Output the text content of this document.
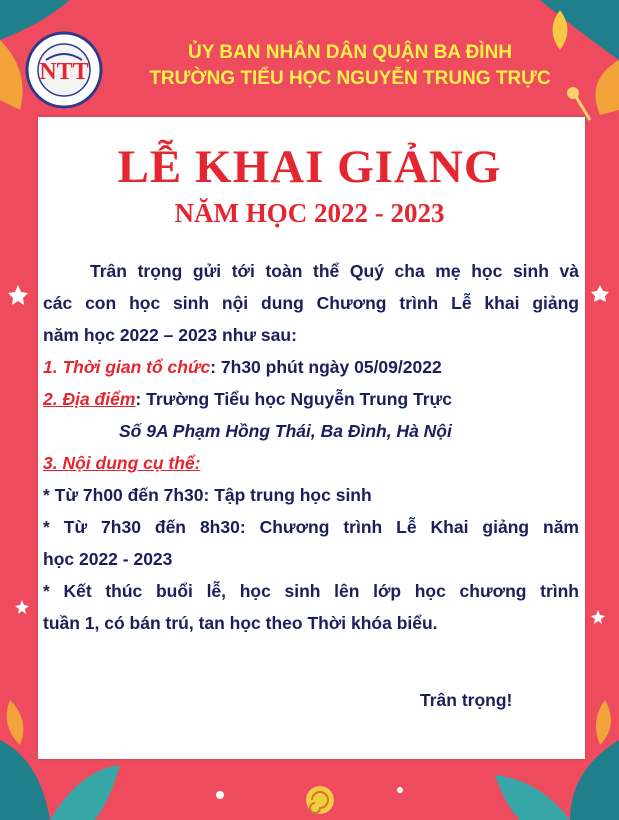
NTT
ỦY BAN NHÂN DÂN QUẬN BA ĐÌNH
TRƯỜNG TIỂU HỌC NGUYỄN TRUNG TRỰC
LỄ KHAI GIẢNG
NĂM HỌC 2022 - 2023
Trân trọng gửi tới toàn thể Quý cha mẹ học sinh và
các con học sinh nội dung Chương trình Lễ khai giảng
năm học 2022 – 2023 như sau:
1. Thời gian tổ chức: 7h30 phút ngày 05/09/2022
2. Địa điểm: Trường Tiểu học Nguyễn Trung Trực
Số 9A Phạm Hồng Thái, Ba Đình, Hà Nội
3. Nội dung cụ thể:
* Từ 7h00 đến 7h30: Tập trung học sinh
* Từ 7h30 đến 8h30: Chương trình Lễ Khai giảng năm
học 2022 - 2023
* Kết thúc buổi lễ, học sinh lên lớp học chương trình
tuần 1, có bán trú, tan học theo Thời khóa biểu.
Trân trọng!
